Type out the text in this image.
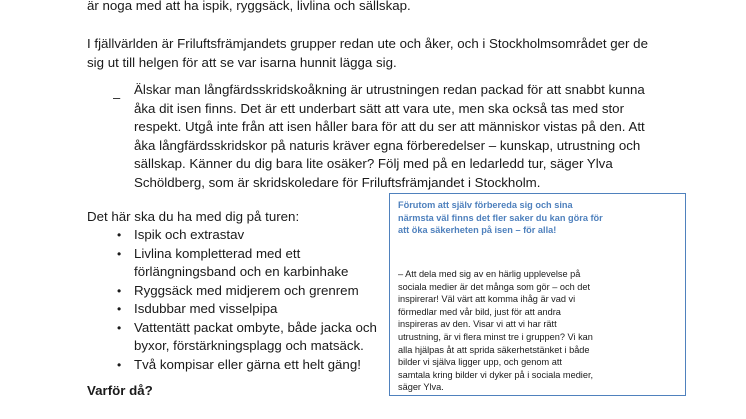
är noga med att ha ispik, ryggsäck, livlina och sällskap.

I fjällvärlden är Friluftsfrämjandets grupper redan ute och åker, och i Stockholmsområdet ger de
sig ut till helgen för att se var isarna hunnit lägga sig.

–

Älskar man långfärdsskridskoåkning är utrustningen redan packad för att snabbt kunna
åka dit isen finns. Det är ett underbart sätt att vara ute, men ska också tas med stor
respekt. Utgå inte från att isen håller bara för att du ser att människor vistas på den. Att
åka långfärdsskridskor på naturis kräver egna förberedelser – kunskap, utrustning och
sällskap. Känner du dig bara lite osäker? Följ med på en ledarledd tur, säger Ylva
Schöldberg, som är skridskoledare för Friluftsfrämjandet i Stockholm.

Det här ska du ha med dig på turen:

• Ispik och extrastav
• Livlina kompletterad med ett
förlängningsband och en karbinhake
• Ryggsäck med midjerem och grenrem
• Isdubbar med visselpipa
• Vattentätt packat ombyte, både jacka och
byxor, förstärkningsplagg och matsäck.
• Två kompisar eller gärna ett helt gäng!

Varför då?

Förutom att själv förbereda sig och sina
närmsta väl finns det fler saker du kan göra för
att öka säkerheten på isen – för alla!

– Att dela med sig av en härlig upplevelse på
sociala medier är det många som gör – och det
inspirerar! Väl värt att komma ihåg är vad vi
förmedlar med vår bild, just för att andra
inspireras av den. Visar vi att vi har rätt
utrustning, är vi flera minst tre i gruppen? Vi kan
alla hjälpas åt att sprida säkerhetstänket i både
bilder vi själva ligger upp, och genom att
samtala kring bilder vi dyker på i sociala medier,
säger Ylva.
